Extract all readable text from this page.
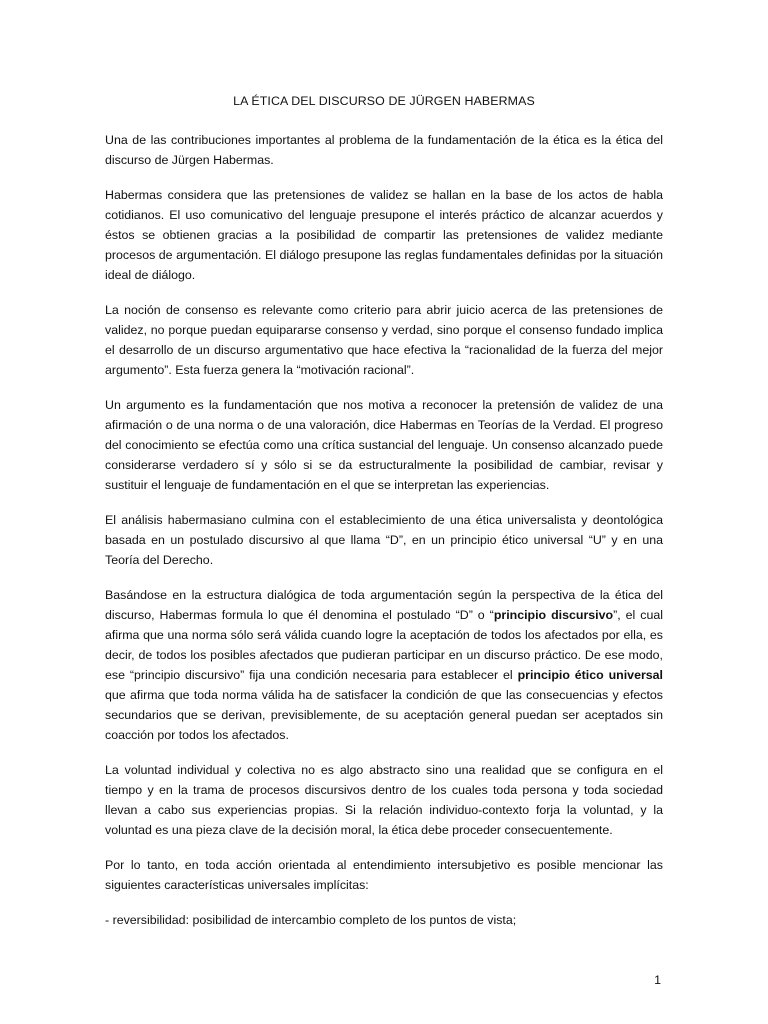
LA ÉTICA DEL DISCURSO DE JÜRGEN HABERMAS

Una de las contribuciones importantes al problema de la fundamentación de la ética es la ética del discurso de Jürgen Habermas.

Habermas considera que las pretensiones de validez se hallan en la base de los actos de habla cotidianos. El uso comunicativo del lenguaje presupone el interés práctico de alcanzar acuerdos y éstos se obtienen gracias a la posibilidad de compartir las pretensiones de validez mediante procesos de argumentación. El diálogo presupone las reglas fundamentales definidas por la situación ideal de diálogo.

La noción de consenso es relevante como criterio para abrir juicio acerca de las pretensiones de validez, no porque puedan equipararse consenso y verdad, sino porque el consenso fundado implica el desarrollo de un discurso argumentativo que hace efectiva la “racionalidad de la fuerza del mejor argumento”. Esta fuerza genera la “motivación racional”.

Un argumento es la fundamentación que nos motiva a reconocer la pretensión de validez de una afirmación o de una norma o de una valoración, dice Habermas en Teorías de la Verdad. El progreso del conocimiento se efectúa como una crítica sustancial del lenguaje. Un consenso alcanzado puede considerarse verdadero sí y sólo si se da estructuralmente la posibilidad de cambiar, revisar y sustituir el lenguaje de fundamentación en el que se interpretan las experiencias.

El análisis habermasiano culmina con el establecimiento de una ética universalista y deontológica basada en un postulado discursivo al que llama “D”, en un principio ético universal “U” y en una Teoría del Derecho.

Basándose en la estructura dialógica de toda argumentación según la perspectiva de la ética del discurso, Habermas formula lo que él denomina el postulado “D” o “principio discursivo”, el cual afirma que una norma sólo será válida cuando logre la aceptación de todos los afectados por ella, es decir, de todos los posibles afectados que pudieran participar en un discurso práctico. De ese modo, ese “principio discursivo” fija una condición necesaria para establecer el principio ético universal que afirma que toda norma válida ha de satisfacer la condición de que las consecuencias y efectos secundarios que se derivan, previsiblemente, de su aceptación general puedan ser aceptados sin coacción por todos los afectados.

La voluntad individual y colectiva no es algo abstracto sino una realidad que se configura en el tiempo y en la trama de procesos discursivos dentro de los cuales toda persona y toda sociedad llevan a cabo sus experiencias propias. Si la relación individuo-contexto forja la voluntad, y la voluntad es una pieza clave de la decisión moral, la ética debe proceder consecuentemente.

Por lo tanto, en toda acción orientada al entendimiento intersubjetivo es posible mencionar las siguientes características universales implícitas:

- reversibilidad: posibilidad de intercambio completo de los puntos de vista;

1
